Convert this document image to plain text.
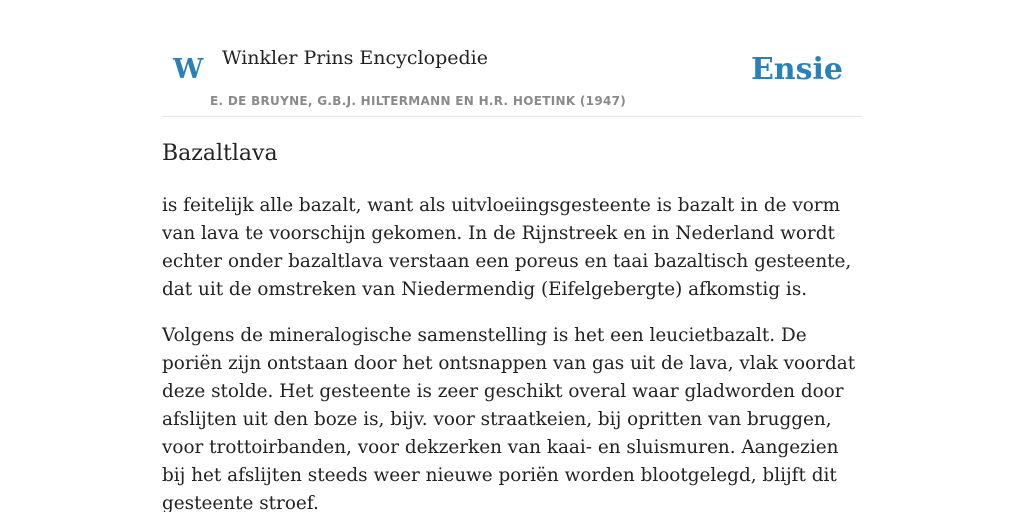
W Winkler Prins Encyclopedie
E. DE BRUYNE, G.B.J. HILTERMANN EN H.R. HOETINK (1947)
Ensie
Bazaltlava

is feitelijk alle bazalt, want als uitvloeiingsgesteente is bazalt in de vorm van lava te voorschijn gekomen. In de Rijnstreek en in Nederland wordt echter onder bazaltlava verstaan een poreus en taai bazaltisch gesteente, dat uit de omstreken van Niedermendig (Eifelgebergte) afkomstig is.

Volgens de mineralogische samenstelling is het een leucietbazalt. De poriën zijn ontstaan door het ontsnappen van gas uit de lava, vlak voordat deze stolde. Het gesteente is zeer geschikt overal waar gladworden door afslijten uit den boze is, bijv. voor straatkeien, bij opritten van bruggen, voor trottoirbanden, voor dekzerken van kaai- en sluismuren. Aangezien bij het afslijten steeds weer nieuwe poriën worden blootgelegd, blijft dit gesteente stroef.
